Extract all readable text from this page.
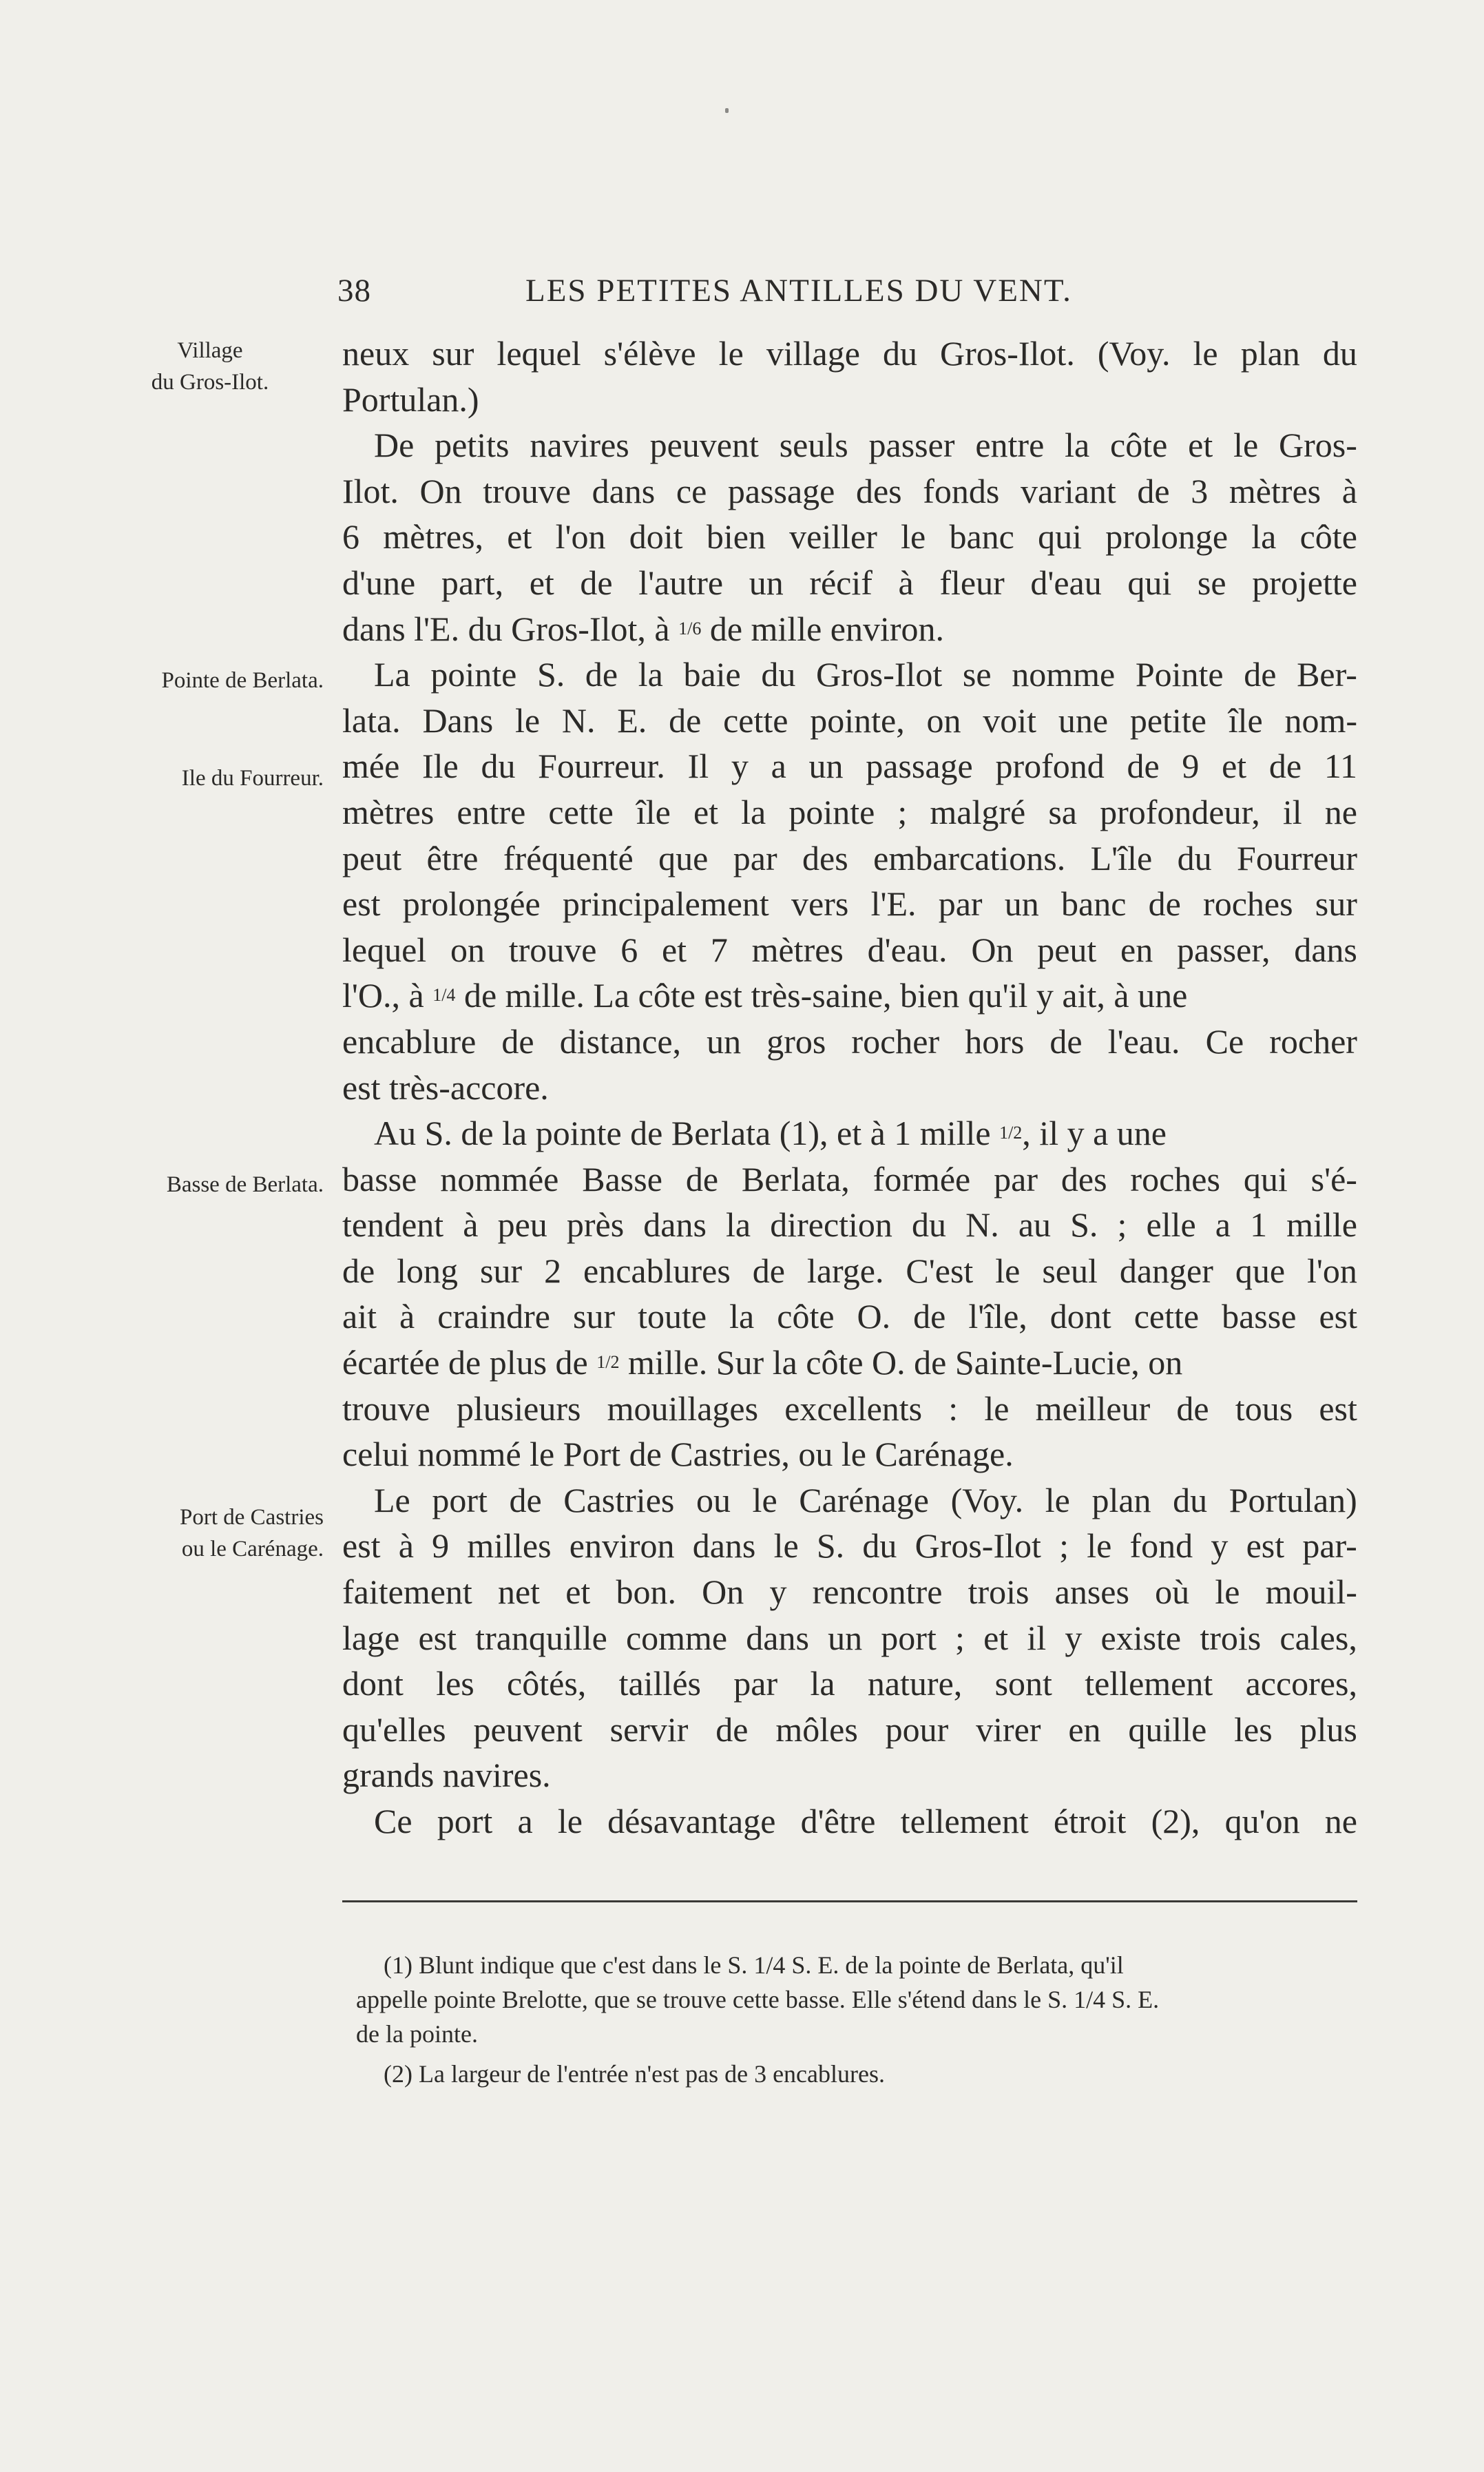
38	LES PETITES ANTILLES DU VENT.
Village
du Gros-Ilot.
Pointe de Berlata.
Ile du Fourreur.
Basse de Berlata.
Port de Castries
ou le Carénage.
neux sur lequel s'élève le village du Gros-Ilot. (Voy. le plan du
Portulan.)
De petits navires peuvent seuls passer entre la côte et le Gros-
Ilot. On trouve dans ce passage des fonds variant de 3 mètres à
6 mètres, et l'on doit bien veiller le banc qui prolonge la côte
d'une part, et de l'autre un récif à fleur d'eau qui se projette
dans l'E. du Gros-Ilot, à
1/6
de mille environ.
La pointe S. de la baie du Gros-Ilot se nomme Pointe de Ber-
lata. Dans le N. E. de cette pointe, on voit une petite île nom-
mée Ile du Fourreur. Il y a un passage profond de 9 et de 11
mètres entre cette île et la pointe ; malgré sa profondeur, il ne
peut être fréquenté que par des embarcations. L'île du Fourreur
est prolongée principalement vers l'E. par un banc de roches sur
lequel on trouve 6 et 7 mètres d'eau. On peut en passer, dans
l'O., à
1/4
de mille. La côte est très-saine, bien qu'il y ait, à une
encablure de distance, un gros rocher hors de l'eau. Ce rocher
est très-accore.
Au S. de la pointe de Berlata (1), et à 1 mille
1/2 , il y a une
basse nommée Basse de Berlata, formée par des roches qui s'é-
tendent à peu près dans la direction du N. au S. ; elle a 1 mille
de long sur 2 encablures de large. C'est le seul danger que l'on
ait à craindre sur toute la côte O. de l'île, dont cette basse est
écartée de plus de
1/2
mille. Sur la côte O. de Sainte-Lucie, on
trouve plusieurs mouillages excellents : le meilleur de tous est
celui nommé le Port de Castries, ou le Carénage.
Le port de Castries ou le Carénage (Voy. le plan du Portulan)
est à 9 milles environ dans le S. du Gros-Ilot ; le fond y est par-
faitement net et bon. On y rencontre trois anses où le mouil-
lage est tranquille comme dans un port ; et il y existe trois cales,
dont les côtés, taillés par la nature, sont tellement accores,
qu'elles peuvent servir de môles pour virer en quille les plus
grands navires.
Ce port a le désavantage d'être tellement étroit (2), qu'on ne
(1) Blunt indique que c'est dans le S. 1/4 S. E. de la pointe de Berlata, qu'il
appelle pointe Brelotte, que se trouve cette basse. Elle s'étend dans le S. 1/4 S. E.
de la pointe.
(2) La largeur de l'entrée n'est pas de 3 encablures.
